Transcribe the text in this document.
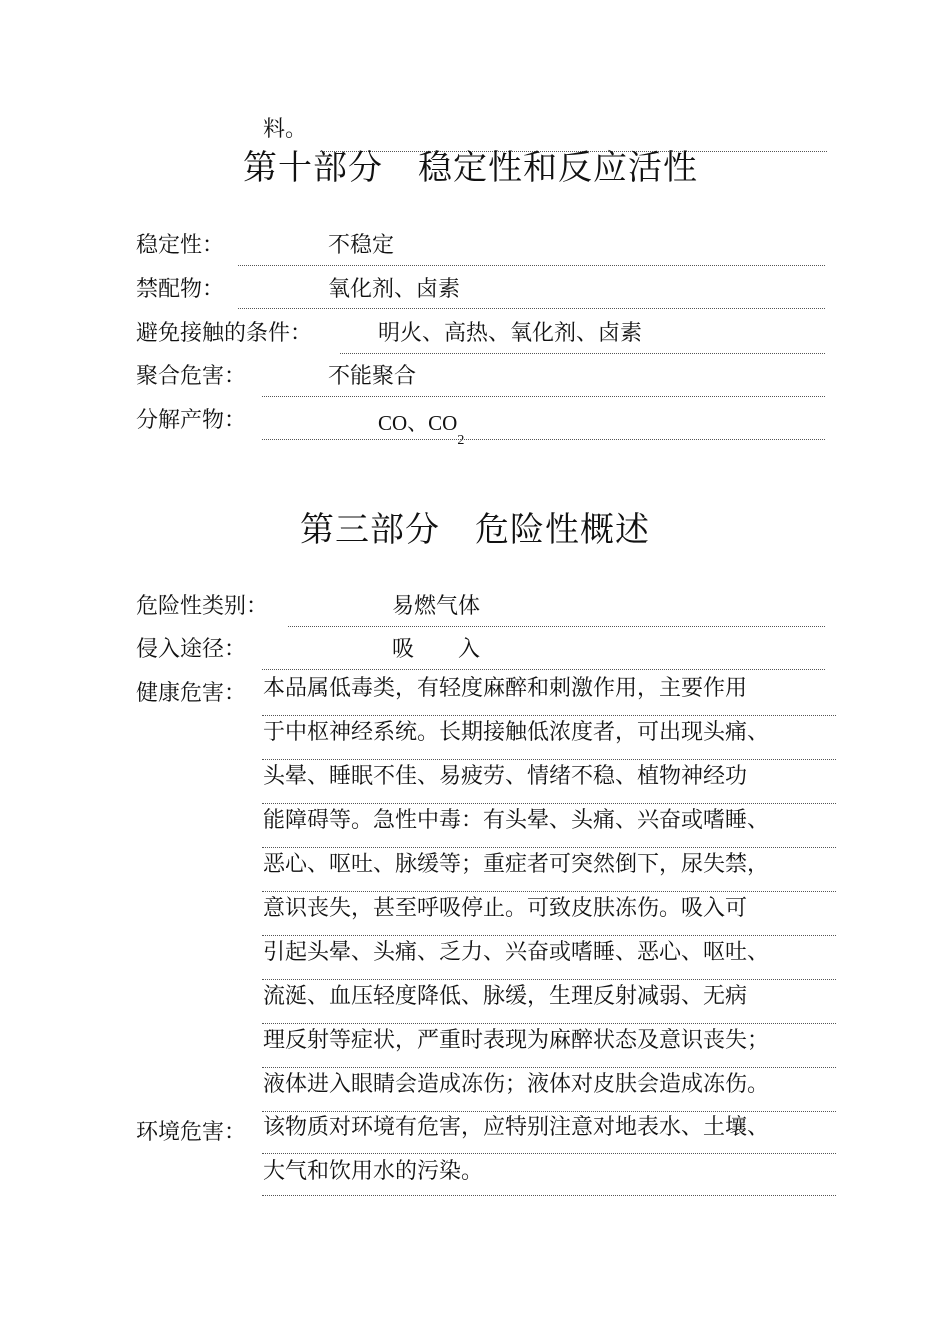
料。
第十部分　稳定性和反应活性
稳定性：	不稳定
禁配物：	氧化剂、卤素
避免接触的条件：	明火、高热、氧化剂、卤素
聚合危害：	不能聚合
分解产物：	CO、$CO_2$
第三部分　危险性概述
危险性类别：	易燃气体
侵入途径：	吸　　入
健康危害： 本品属低毒类，有轻度麻醉和刺激作用，主要作用
于中枢神经系统。长期接触低浓度者，可出现头痛、
头晕、睡眠不佳、易疲劳、情绪不稳、植物神经功
能障碍等。急性中毒：有头晕、头痛、兴奋或嗜睡、
恶心、呕吐、脉缓等；重症者可突然倒下，尿失禁，
意识丧失，甚至呼吸停止。可致皮肤冻伤。吸入可
引起头晕、头痛、乏力、兴奋或嗜睡、恶心、呕吐、
流涎、血压轻度降低、脉缓，生理反射减弱、无病
理反射等症状，严重时表现为麻醉状态及意识丧失；
液体进入眼睛会造成冻伤；液体对皮肤会造成冻伤。
环境危害： 该物质对环境有危害，应特别注意对地表水、土壤、
大气和饮用水的污染。
